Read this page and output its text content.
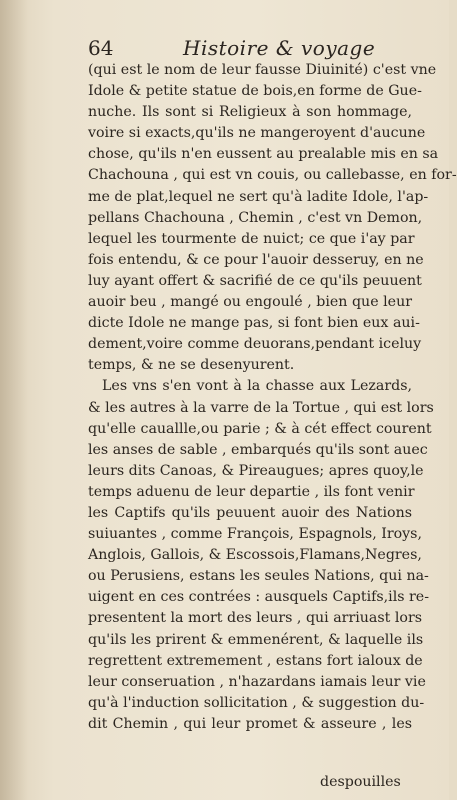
64	Histoire & voyage
(qui est le nom de leur fausse Diuinité) c'est vne
Idole & petite statue de bois,en forme de Gue-
nuche. Ils sont si Religieux à son hommage,
voire si exacts,qu'ils ne mangeroyent d'aucune
chose, qu'ils n'en eussent au prealable mis en sa
Chachouna , qui est vn couis, ou callebasse, en for-
me de plat,lequel ne sert qu'à ladite Idole, l'ap-
pellans Chachouna , Chemin , c'est vn Demon,
lequel les tourmente de nuict; ce que i'ay par
fois entendu, & ce pour l'auoir desseruy, en ne
luy ayant offert & sacrifié de ce qu'ils peuuent
auoir beu , mangé ou engoulé , bien que leur
dicte Idole ne mange pas, si font bien eux aui-
dement,voire comme deuorans,pendant iceluy
temps, & ne se desenyurent.
Les vns s'en vont à la chasse aux Lezards,
& les autres à la varre de la Tortue , qui est lors
qu'elle cauallle,ou parie ; & à cét effect courent
les anses de sable , embarqués qu'ils sont auec
leurs dits Canoas, & Pireaugues; apres quoy,le
temps aduenu de leur departie , ils font venir
les Captifs qu'ils peuuent auoir des Nations
suiuantes , comme François, Espagnols, Iroys,
Anglois, Gallois, & Escossois,Flamans,Negres,
ou Perusiens, estans les seules Nations, qui na-
uigent en ces contrées : ausquels Captifs,ils re-
presentent la mort des leurs , qui arriuast lors
qu'ils les prirent & emmenérent, & laquelle ils
regrettent extremement , estans fort ialoux de
leur conseruation , n'hazardans iamais leur vie
qu'à l'induction sollicitation , & suggestion du-
dit Chemin , qui leur promet & asseure , les
despouilles
